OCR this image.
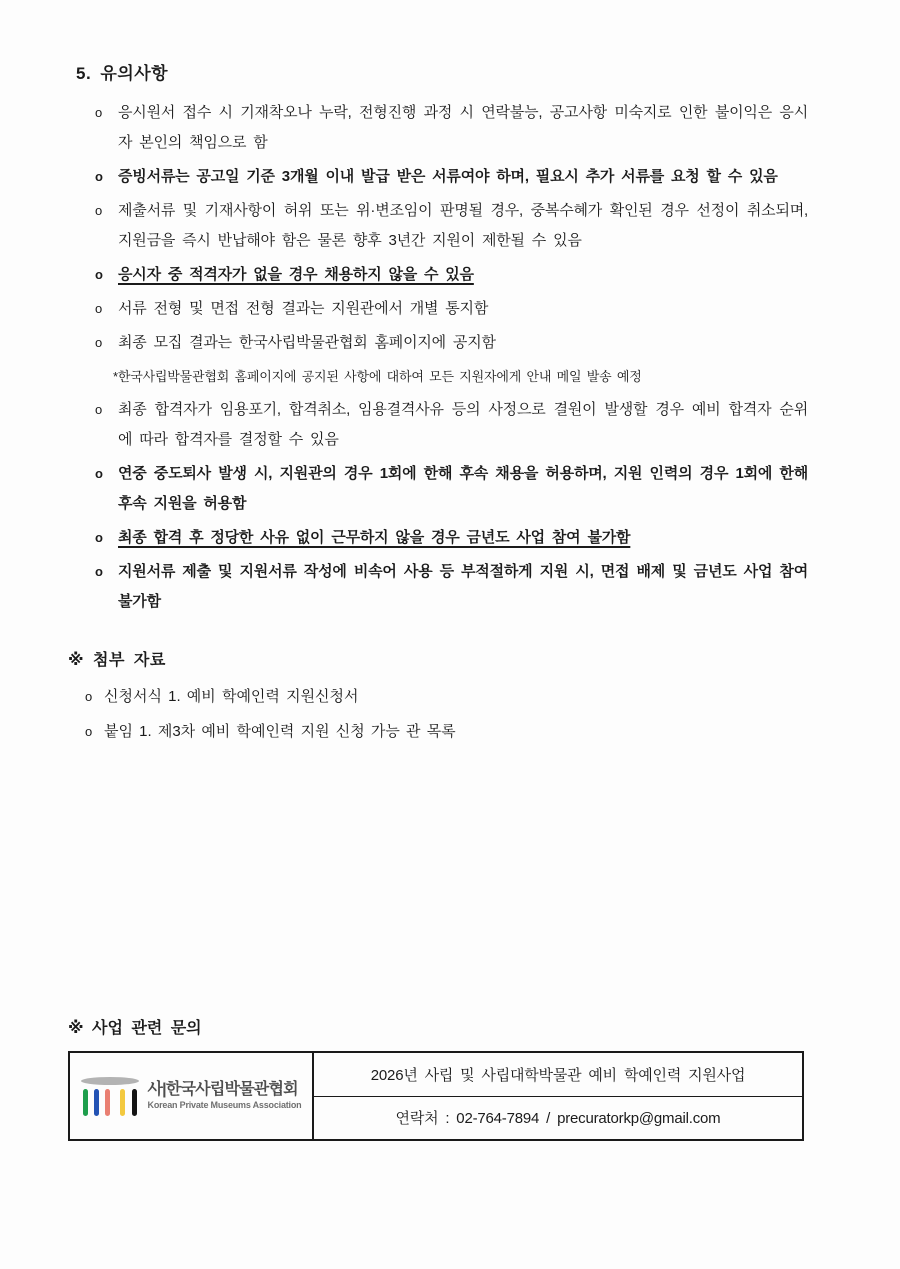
5. 유의사항
o	응시원서 접수 시 기재착오나 누락, 전형진행 과정 시 연락불능, 공고사항 미숙지로 인한 불이익은 응시자 본인의 책임으로 함
o	증빙서류는 공고일 기준 3개월 이내 발급 받은 서류여야 하며, 필요시 추가 서류를 요청 할 수 있음
o	제출서류 및 기재사항이 허위 또는 위·변조임이 판명될 경우, 중복수혜가 확인된 경우 선정이 취소되며, 지원금을 즉시 반납해야 함은 물론 향후 3년간 지원이 제한될 수 있음
o	응시자 중 적격자가 없을 경우 채용하지 않을 수 있음
o	서류 전형 및 면접 전형 결과는 지원관에서 개별 통지함
o	최종 모집 결과는 한국사립박물관협회 홈페이지에 공지함
*한국사립박물관협회 홈페이지에 공지된 사항에 대하여 모든 지원자에게 안내 메일 발송 예정
o	최종 합격자가 임용포기, 합격취소, 임용결격사유 등의 사정으로 결원이 발생할 경우 예비 합격자 순위에 따라 합격자를 결정할 수 있음
o	연중 중도퇴사 발생 시, 지원관의 경우 1회에 한해 후속 채용을 허용하며, 지원 인력의 경우 1회에 한해 후속 지원을 허용함
o	최종 합격 후 정당한 사유 없이 근무하지 않을 경우 금년도 사업 참여 불가함
o	지원서류 제출 및 지원서류 작성에 비속어 사용 등 부적절하게 지원 시, 면접 배제 및 금년도 사업 참여 불가함
※ 첨부 자료
o 신청서식 1. 예비 학예인력 지원신청서
o 붙임 1. 제3차 예비 학예인력 지원 신청 가능 관 목록
※ 사업 관련 문의
사|한국사립박물관협회
Korean Private Museums Association
2026년 사립 및 사립대학박물관 예비 학예인력 지원사업
연락처 : 02-764-7894 / precuratorkp@gmail.com
